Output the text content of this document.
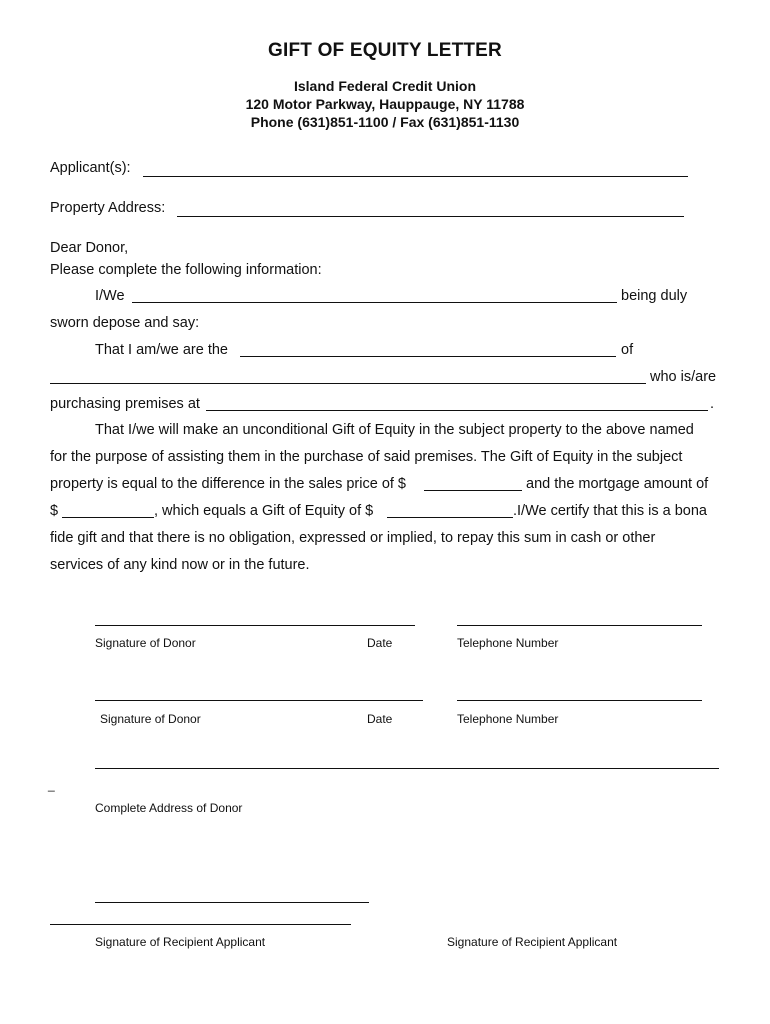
GIFT OF EQUITY LETTER
Island Federal Credit Union
120 Motor Parkway, Hauppauge, NY 11788
Phone (631)851-1100 / Fax (631)851-1130
Applicant(s):
Property Address:
Dear Donor,
Please complete the following information:
I/We	being duly
sworn depose and say:
That I am/we are the	of
who is/are
purchasing premises at	.
That I/we will make an unconditional Gift of Equity in the subject property to the above named
for the purpose of assisting them in the purchase of said premises. The Gift of Equity in the subject
property is equal to the difference in the sales price of $	and the mortgage amount of
$	, which equals a Gift of Equity of $	.I/We certify that this is a bona
fide gift and that there is no obligation, expressed or implied, to repay this sum in cash or other
services of any kind now or in the future.
Signature of Donor	Date	Telephone Number
Signature of Donor	Date	Telephone Number
_
Complete Address of Donor
Signature of Recipient Applicant	Signature of Recipient Applicant
